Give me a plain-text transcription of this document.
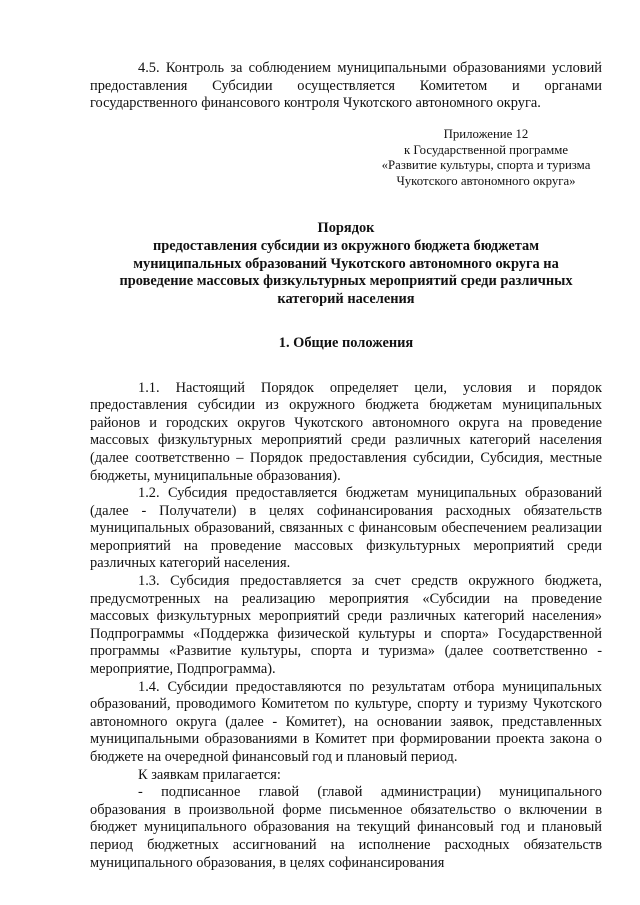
4.5. Контроль за соблюдением муниципальными образованиями условий предоставления Субсидии осуществляется Комитетом и органами государственного финансового контроля Чукотского автономного округа.

Приложение 12
к Государственной программе
«Развитие культуры, спорта и туризма
Чукотского автономного округа»
Порядок
предоставления субсидии из окружного бюджета бюджетам
муниципальных образований Чукотского автономного округа на
проведение массовых физкультурных мероприятий среди различных
категорий населения
1. Общие положения

1.1. Настоящий Порядок определяет цели, условия и порядок предоставления субсидии из окружного бюджета бюджетам муниципальных районов и городских округов Чукотского автономного округа на проведение массовых физкультурных мероприятий среди различных категорий населения (далее соответственно – Порядок предоставления субсидии, Субсидия, местные бюджеты, муниципальные образования).

1.2. Субсидия предоставляется бюджетам муниципальных образований (далее - Получатели) в целях софинансирования расходных обязательств муниципальных образований, связанных с финансовым обеспечением реализации мероприятий на проведение массовых физкультурных мероприятий среди различных категорий населения.

1.3. Субсидия предоставляется за счет средств окружного бюджета, предусмотренных на реализацию мероприятия «Субсидии на проведение массовых физкультурных мероприятий среди различных категорий населения» Подпрограммы «Поддержка физической культуры и спорта» Государственной программы «Развитие культуры, спорта и туризма» (далее соответственно - мероприятие, Подпрограмма).

1.4. Субсидии предоставляются по результатам отбора муниципальных образований, проводимого Комитетом по культуре, спорту и туризму Чукотского автономного округа (далее - Комитет), на основании заявок, представленных муниципальными образованиями в Комитет при формировании проекта закона о бюджете на очередной финансовый год и плановый период.

К заявкам прилагается:

- подписанное главой (главой администрации) муниципального образования в произвольной форме письменное обязательство о включении в бюджет муниципального образования на текущий финансовый год и плановый период бюджетных ассигнований на исполнение расходных обязательств муниципального образования, в целях софинансирования
